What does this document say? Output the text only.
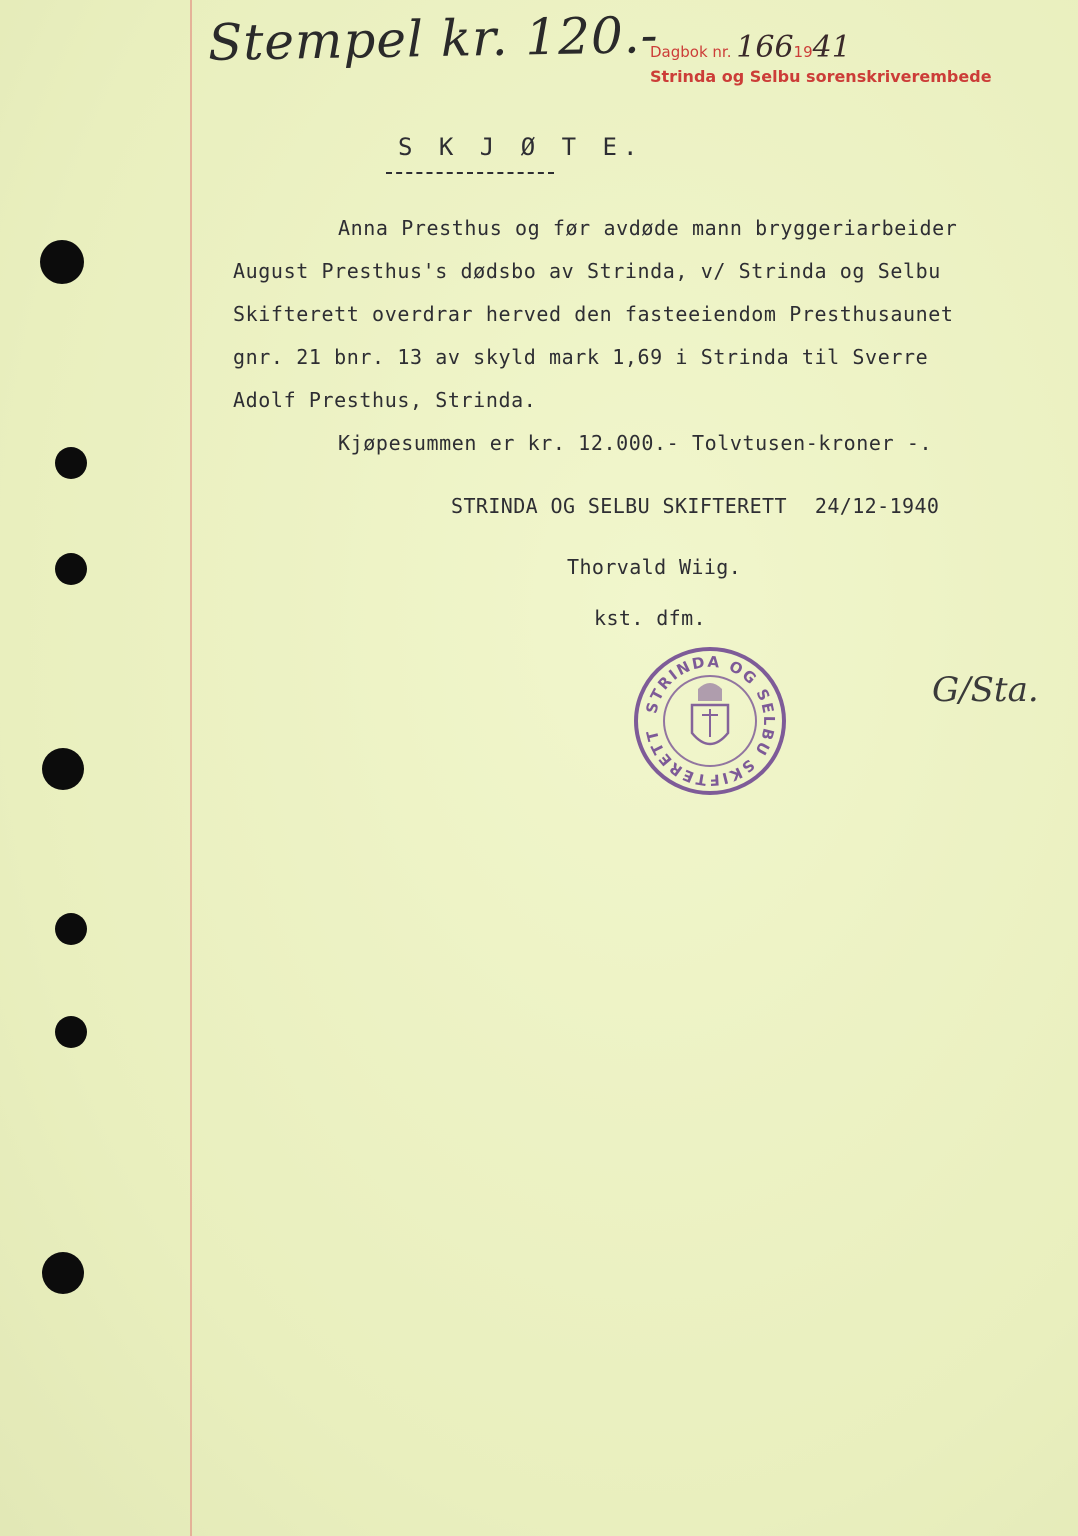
Stempel kr. 120.-
Dagbok nr. 1661941
Strinda og Selbu sorenskriverembede
S K J Ø T E.
Anna Presthus og før avdøde mann bryggeriarbeider
August Presthus's dødsbo av Strinda, v/ Strinda og Selbu
Skifterett overdrar herved den fasteeiendom Presthusaunet
gnr. 21 bnr. 13 av skyld mark 1,69 i Strinda til Sverre
Adolf Presthus, Strinda.
Kjøpesummen er kr. 12.000.- Tolvtusen-kroner -.
STRINDA OG SELBU SKIFTERETT 24/12-1940
Thorvald Wiig.
kst. dfm.
STRINDA OG SELBU SKIFTERETT
G/Sta.
